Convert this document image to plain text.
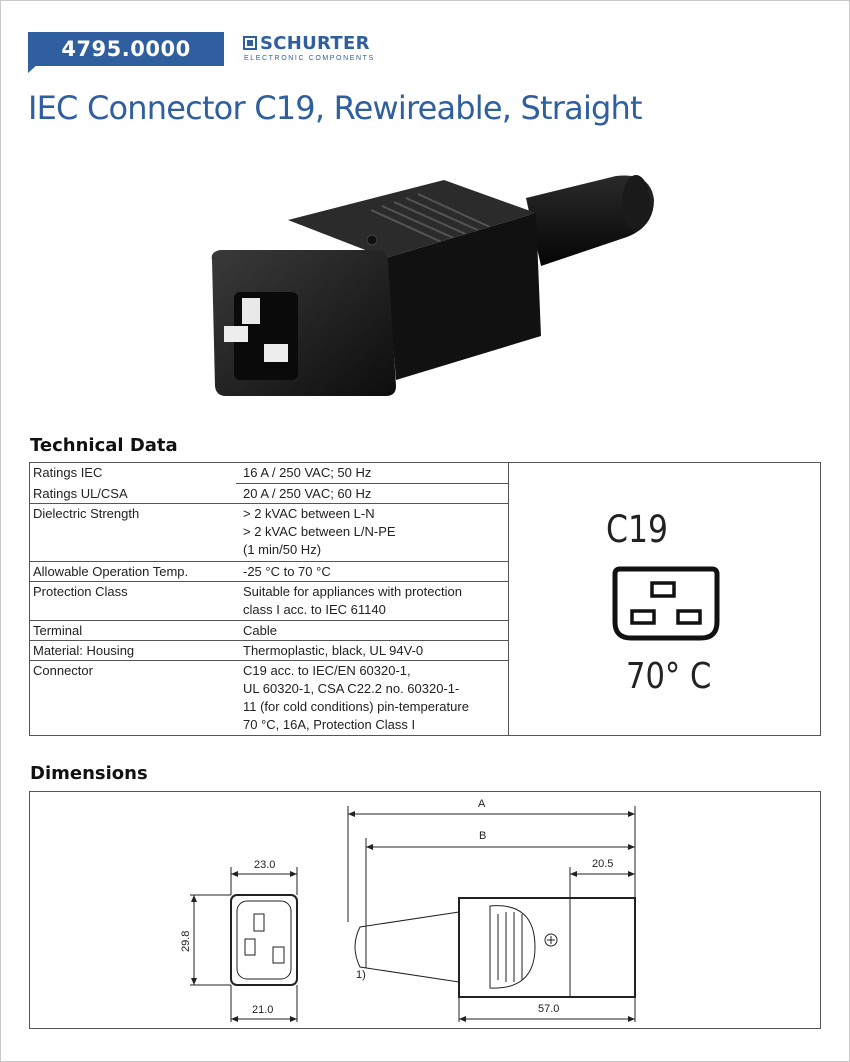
4795.0000	SCHURTER
ELECTRONIC COMPONENTS
IEC Connector C19, Rewireable, Straight
Technical Data
Ratings IEC	16 A / 250 VAC; 50 Hz
Ratings UL/CSA	20 A / 250 VAC; 60 Hz
Dielectric Strength	> 2 kVAC between L-N
> 2 kVAC between L/N-PE
(1 min/50 Hz)
Allowable Operation Temp.	-25 °C to 70 °C
Protection Class	Suitable for appliances with protection
class I acc. to IEC 61140
Terminal	Cable
Material: Housing	Thermoplastic, black, UL 94V-0
Connector	C19 acc. to IEC/EN 60320-1,
UL 60320-1, CSA C22.2 no. 60320-1-
11 (for cold conditions) pin-temperature
70 °C, 16A, Protection Class I
C19
70° C
Dimensions
23.0
21.0
29.8
A
B
20.5
57.0
1)
